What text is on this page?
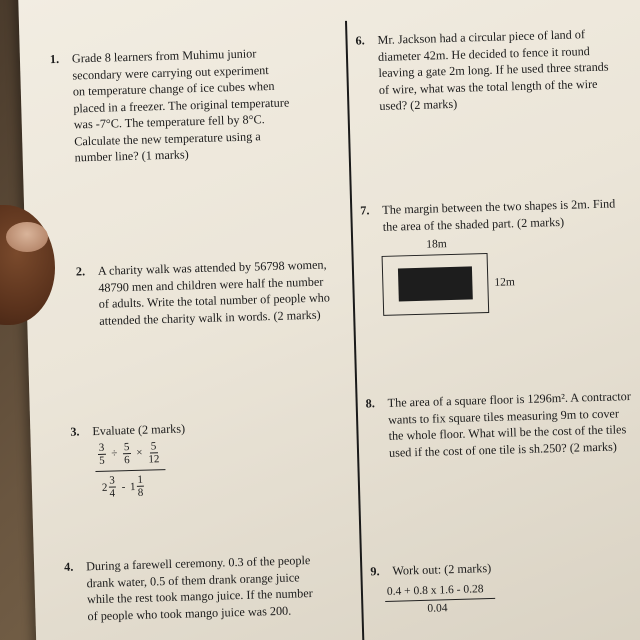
1. Grade 8 learners from Muhimu junior
secondary were carrying out experiment
on temperature change of ice cubes when
placed in a freezer. The original temperature
was -7°C. The temperature fell by 8°C.
Calculate the new temperature using a
number line? (1 marks)
2. A charity walk was attended by 56798 women,
48790 men and children were half the number
of adults. Write the total number of people who
attended the charity walk in words. (2 marks)
3. Evaluate (2 marks)
$\frac{3}{5} \div \frac{5}{6} \times \frac{5}{12}$
$2 \frac{3}{4} - 1 \frac{1}{8}$
4. During a farewell ceremony. 0.3 of the people
drank water, 0.5 of them drank orange juice
while the rest took mango juice. If the number
of people who took mango juice was 200.
6. Mr. Jackson had a circular piece of land of
diameter 42m. He decided to fence it round
leaving a gate 2m long. If he used three strands
of wire, what was the total length of the wire
used? (2 marks)
7. The margin between the two shapes is 2m. Find
the area of the shaded part. (2 marks)
18m
12m
8. The area of a square floor is 1296m². A contractor
wants to fix square tiles measuring 9m to cover
the whole floor. What will be the cost of the tiles
used if the cost of one tile is sh.250? (2 marks)
9. Work out: (2 marks)
0.4 + 0.8 x 1.6 - 0.28
0.04
